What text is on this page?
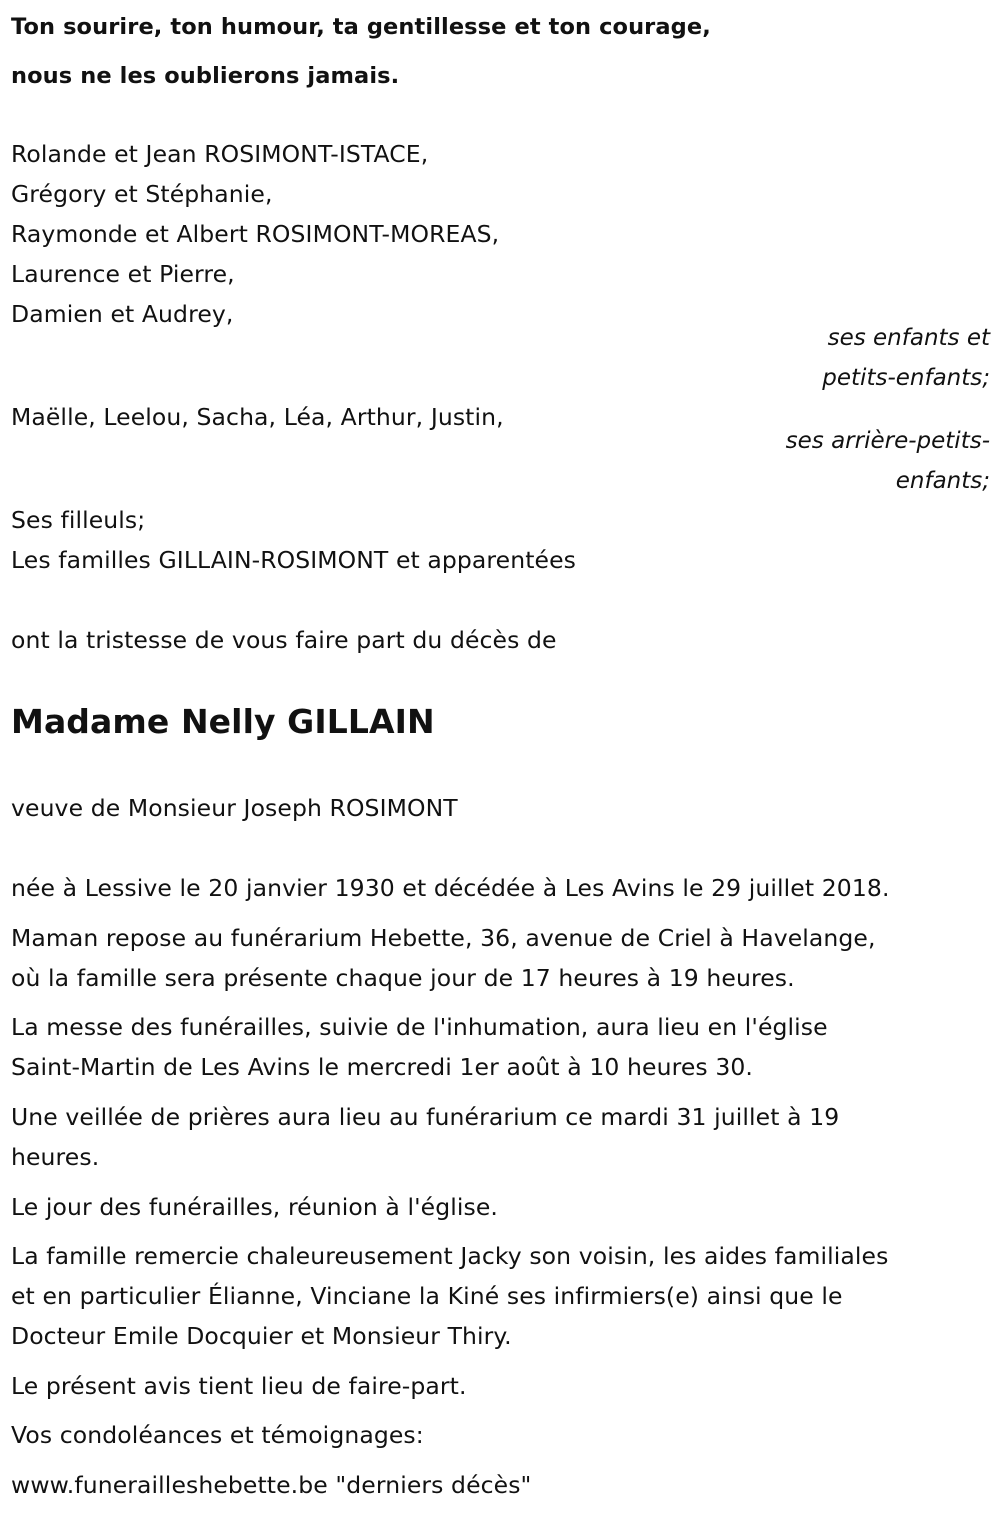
Ton sourire, ton humour, ta gentillesse et ton courage,
nous ne les oublierons jamais.
Rolande et Jean ROSIMONT-ISTACE,
Grégory et Stéphanie,
Raymonde et Albert ROSIMONT-MOREAS,
Laurence et Pierre,
Damien et Audrey,
ses enfants et
petits-enfants;
Maëlle, Leelou, Sacha, Léa, Arthur, Justin,
ses arrière-petits-
enfants;
Ses filleuls;
Les familles GILLAIN-ROSIMONT et apparentées
ont la tristesse de vous faire part du décès de
Madame Nelly GILLAIN
veuve de Monsieur Joseph ROSIMONT
née à Lessive le 20 janvier 1930 et décédée à Les Avins le 29 juillet 2018.
Maman repose au funérarium Hebette, 36, avenue de Criel à Havelange,
où la famille sera présente chaque jour de 17 heures à 19 heures.
La messe des funérailles, suivie de l'inhumation, aura lieu en l'église
Saint-Martin de Les Avins le mercredi 1er août à 10 heures 30.
Une veillée de prières aura lieu au funérarium ce mardi 31 juillet à 19
heures.
Le jour des funérailles, réunion à l'église.
La famille remercie chaleureusement Jacky son voisin, les aides familiales
et en particulier Élianne, Vinciane la Kiné ses infirmiers(e) ainsi que le
Docteur Emile Docquier et Monsieur Thiry.
Le présent avis tient lieu de faire-part.
Vos condoléances et témoignages:
www.funerailleshebette.be "derniers décès"
